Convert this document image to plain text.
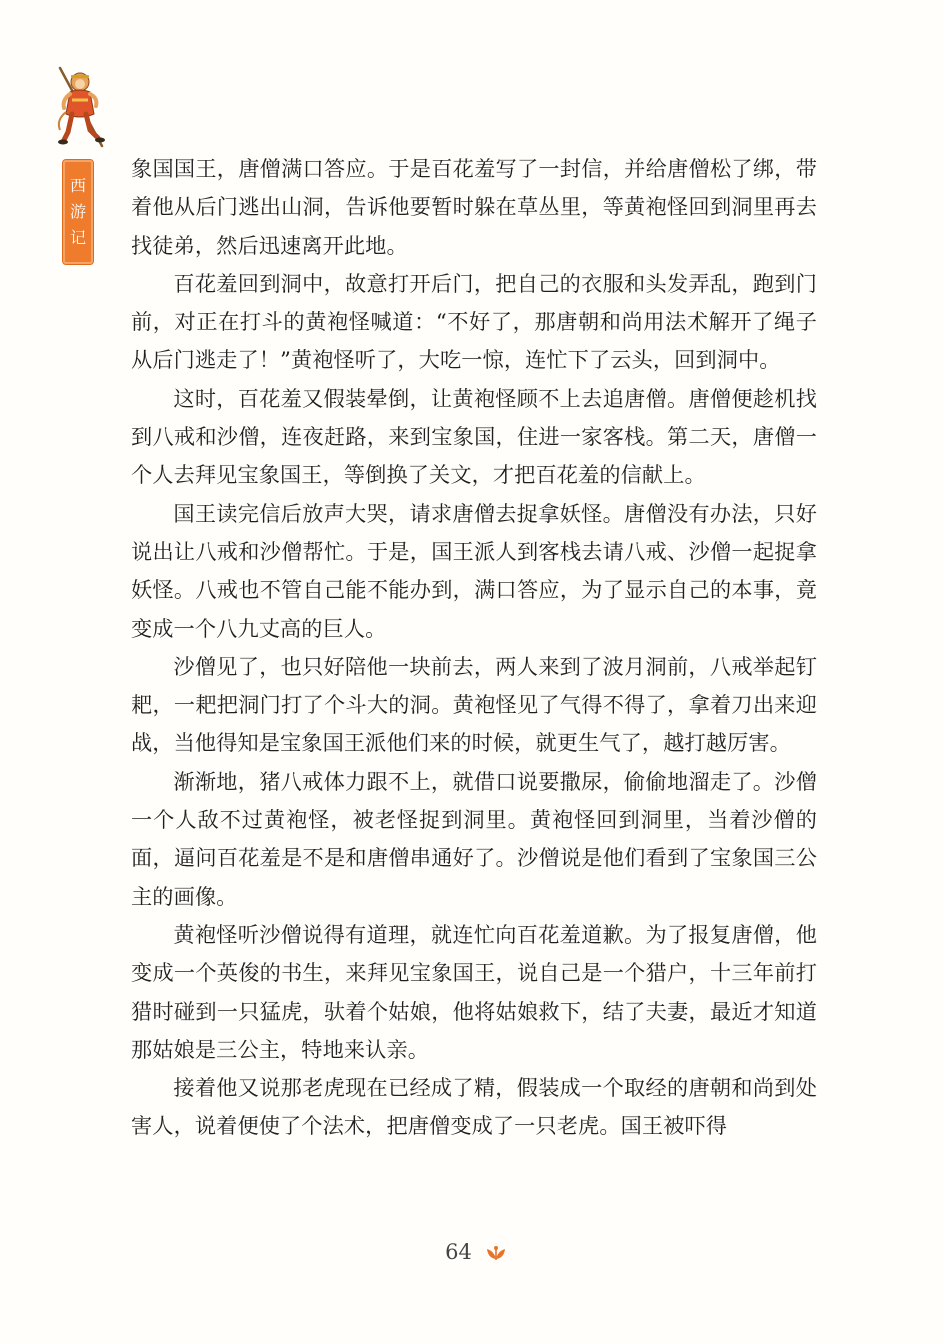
西
游
记

象国国王，唐僧满口答应。于是百花羞写了一封信，并给唐僧松了绑，带着他从后门逃出山洞，告诉他要暂时躲在草丛里，等黄袍怪回到洞里再去找徒弟，然后迅速离开此地。

百花羞回到洞中，故意打开后门，把自己的衣服和头发弄乱，跑到门前，对正在打斗的黄袍怪喊道：“不好了，那唐朝和尚用法术解开了绳子从后门逃走了！”黄袍怪听了，大吃一惊，连忙下了云头，回到洞中。

这时，百花羞又假装晕倒，让黄袍怪顾不上去追唐僧。唐僧便趁机找到八戒和沙僧，连夜赶路，来到宝象国，住进一家客栈。第二天，唐僧一个人去拜见宝象国王，等倒换了关文，才把百花羞的信献上。

国王读完信后放声大哭，请求唐僧去捉拿妖怪。唐僧没有办法，只好说出让八戒和沙僧帮忙。于是，国王派人到客栈去请八戒、沙僧一起捉拿妖怪。八戒也不管自己能不能办到，满口答应，为了显示自己的本事，竟变成一个八九丈高的巨人。

沙僧见了，也只好陪他一块前去，两人来到了波月洞前，八戒举起钉耙，一耙把洞门打了个斗大的洞。黄袍怪见了气得不得了，拿着刀出来迎战，当他得知是宝象国王派他们来的时候，就更生气了，越打越厉害。

渐渐地，猪八戒体力跟不上，就借口说要撒尿，偷偷地溜走了。沙僧一个人敌不过黄袍怪，被老怪捉到洞里。黄袍怪回到洞里，当着沙僧的面，逼问百花羞是不是和唐僧串通好了。沙僧说是他们看到了宝象国三公主的画像。

黄袍怪听沙僧说得有道理，就连忙向百花羞道歉。为了报复唐僧，他变成一个英俊的书生，来拜见宝象国王，说自己是一个猎户，十三年前打猎时碰到一只猛虎，驮着个姑娘，他将姑娘救下，结了夫妻，最近才知道那姑娘是三公主，特地来认亲。

接着他又说那老虎现在已经成了精，假装成一个取经的唐朝和尚到处害人，说着便使了个法术，把唐僧变成了一只老虎。国王被吓得

64
